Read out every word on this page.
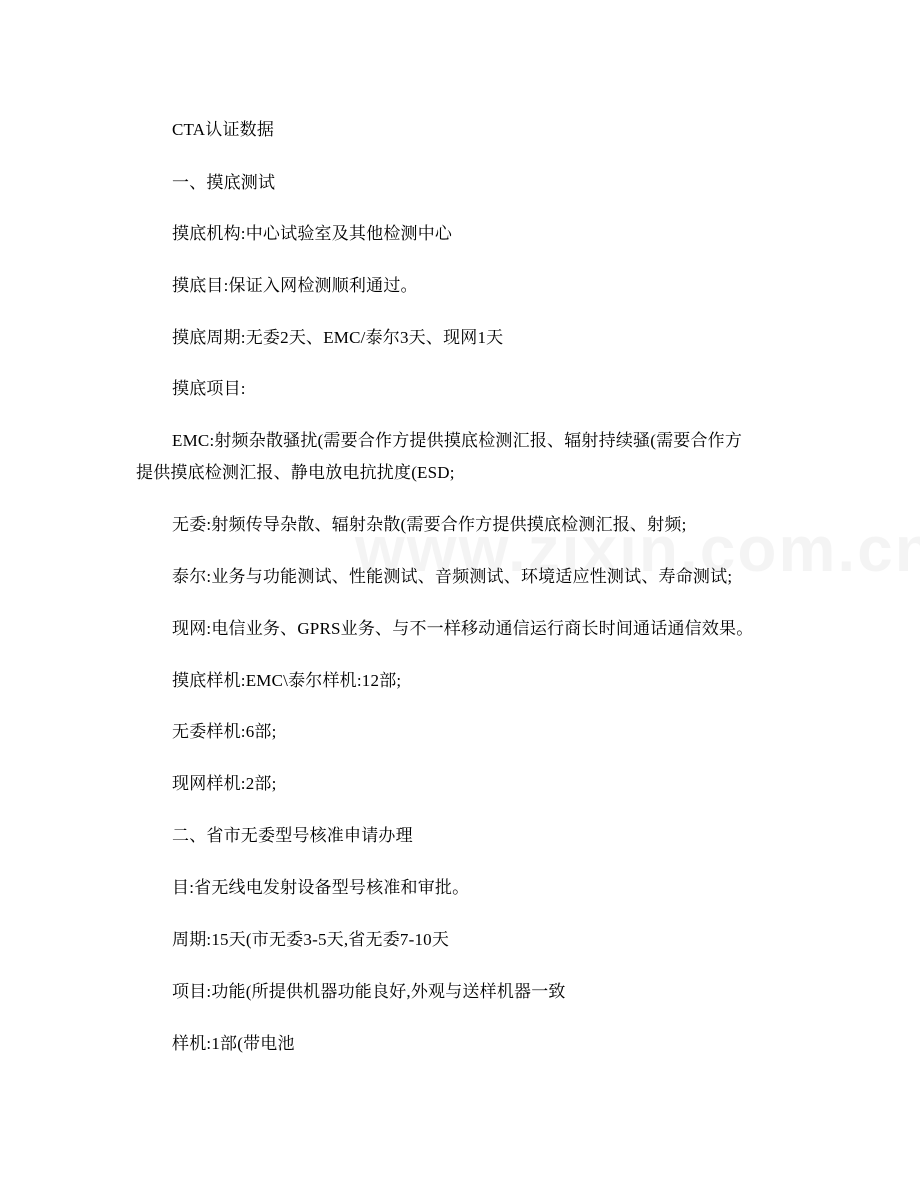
CTA认证数据
一、摸底测试
摸底机构:中心试验室及其他检测中心
摸底目:保证入网检测顺利通过。
摸底周期:无委2天、EMC/泰尔3天、现网1天
摸底项目:
EMC:射频杂散骚扰(需要合作方提供摸底检测汇报、辐射持续骚(需要合作方
提供摸底检测汇报、静电放电抗扰度(ESD;
无委:射频传导杂散、辐射杂散(需要合作方提供摸底检测汇报、射频;
泰尔:业务与功能测试、性能测试、音频测试、环境适应性测试、寿命测试;
现网:电信业务、GPRS业务、与不一样移动通信运行商长时间通话通信效果。
摸底样机:EMC\泰尔样机:12部;
无委样机:6部;
现网样机:2部;
二、省市无委型号核准申请办理
目:省无线电发射设备型号核准和审批。
周期:15天(市无委3-5天,省无委7-10天
项目:功能(所提供机器功能良好,外观与送样机器一致
样机:1部(带电池
